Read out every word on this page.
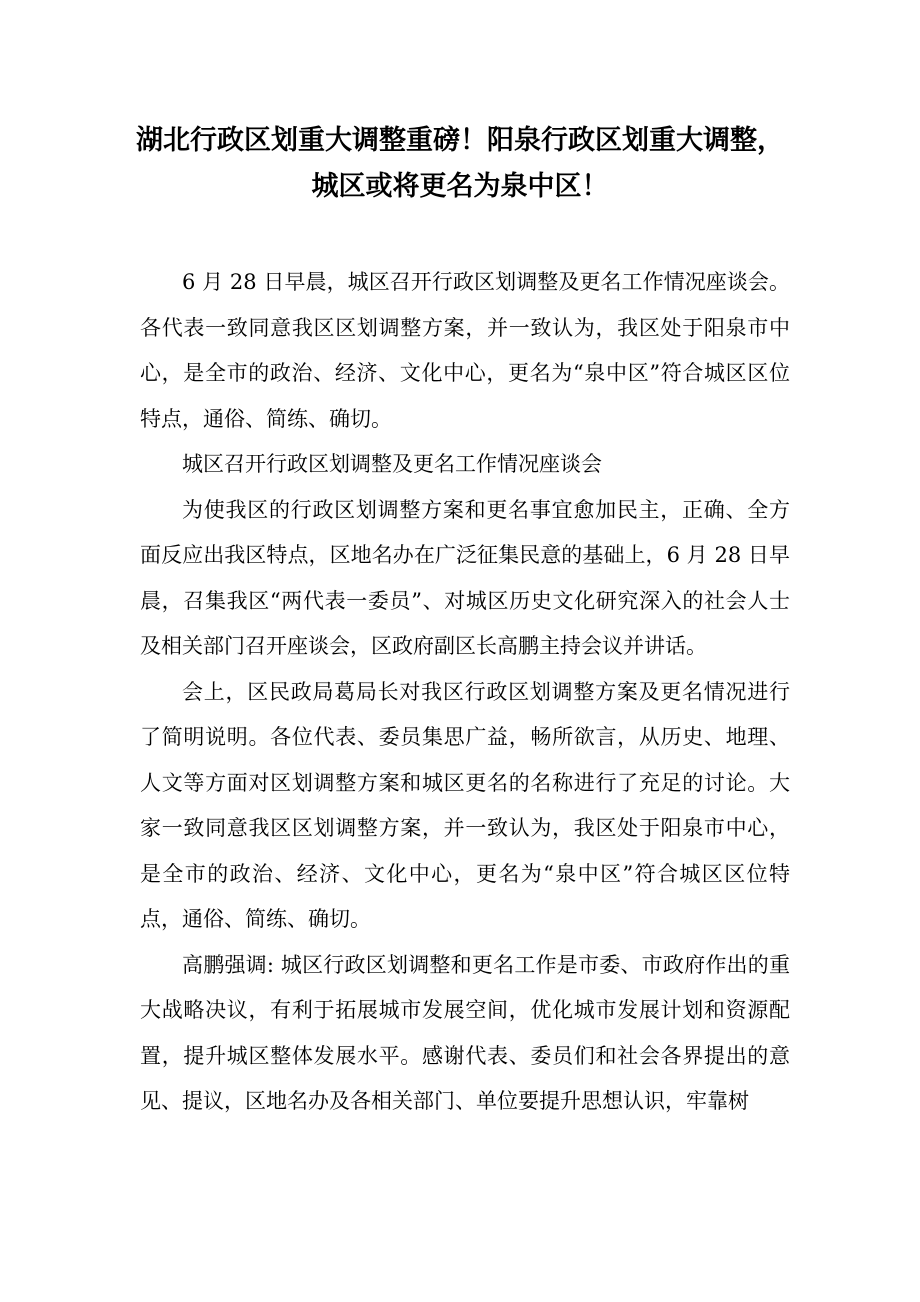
湖北行政区划重大调整重磅！阳泉行政区划重大调整，
城区或将更名为泉中区！

6 月 28 日早晨，城区召开行政区划调整及更名工作情况座谈会。各代表一致同意我区区划调整方案，并一致认为，我区处于阳泉市中心，是全市的政治、经济、文化中心，更名为“泉中区”符合城区区位特点，通俗、简练、确切。

城区召开行政区划调整及更名工作情况座谈会

为使我区的行政区划调整方案和更名事宜愈加民主，正确、全方面反应出我区特点，区地名办在广泛征集民意的基础上，6 月 28 日早晨，召集我区“两代表一委员”、对城区历史文化研究深入的社会人士及相关部门召开座谈会，区政府副区长高鹏主持会议并讲话。

会上，区民政局葛局长对我区行政区划调整方案及更名情况进行了简明说明。各位代表、委员集思广益，畅所欲言，从历史、地理、人文等方面对区划调整方案和城区更名的名称进行了充足的讨论。大家一致同意我区区划调整方案，并一致认为，我区处于阳泉市中心，是全市的政治、经济、文化中心，更名为“泉中区”符合城区区位特点，通俗、简练、确切。

高鹏强调: 城区行政区划调整和更名工作是市委、市政府作出的重大战略决议，有利于拓展城市发展空间，优化城市发展计划和资源配置，提升城区整体发展水平。感谢代表、委员们和社会各界提出的意见、提议，区地名办及各相关部门、单位要提升思想认识，牢靠树
